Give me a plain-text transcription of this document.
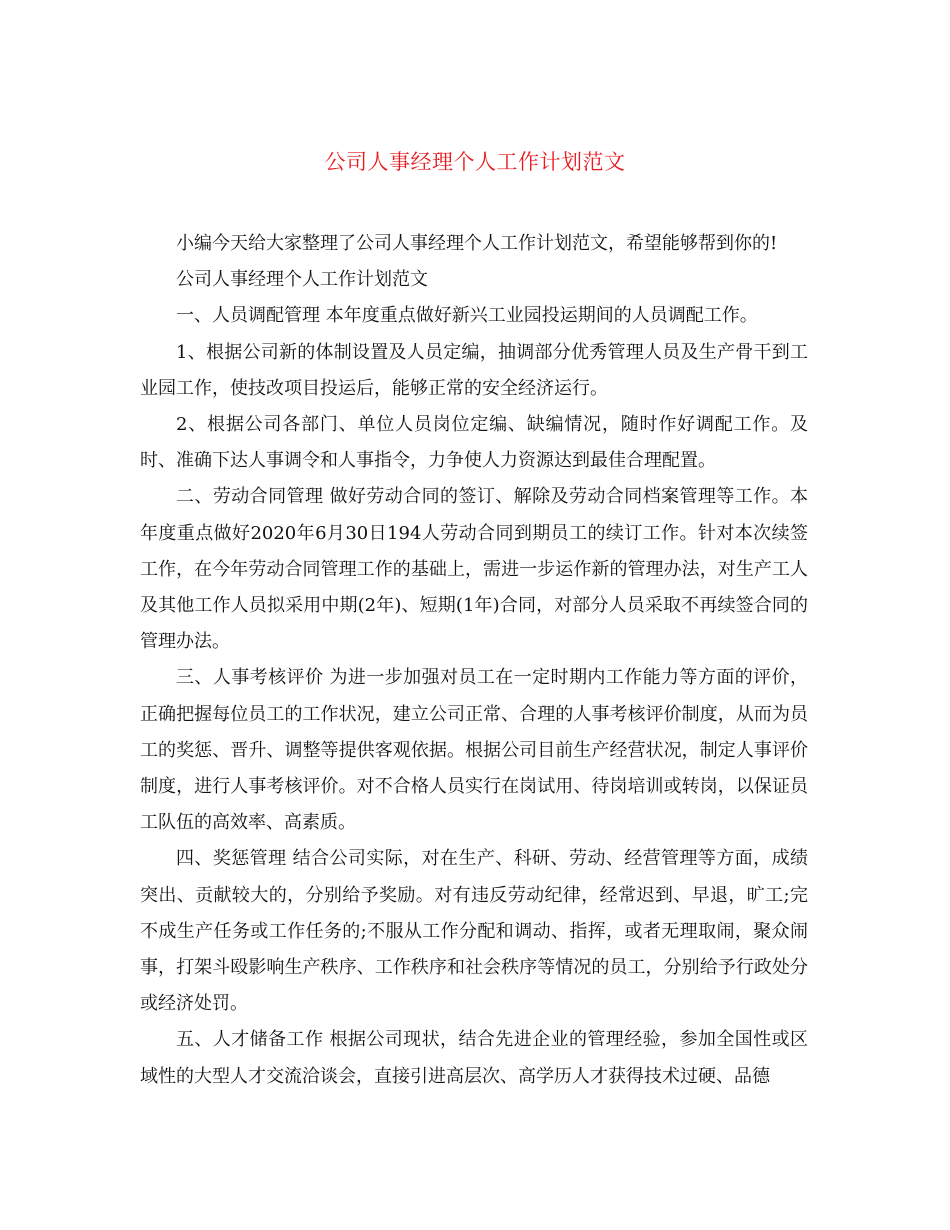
公司人事经理个人工作计划范文

小编今天给大家整理了公司人事经理个人工作计划范文，希望能够帮到你的!

公司人事经理个人工作计划范文

一、人员调配管理 本年度重点做好新兴工业园投运期间的人员调配工作。

1、根据公司新的体制设置及人员定编，抽调部分优秀管理人员及生产骨干到工业园工作，使技改项目投运后，能够正常的安全经济运行。

2、根据公司各部门、单位人员岗位定编、缺编情况，随时作好调配工作。及时、准确下达人事调令和人事指令，力争使人力资源达到最佳合理配置。

二、劳动合同管理 做好劳动合同的签订、解除及劳动合同档案管理等工作。本年度重点做好2020年6月30日194人劳动合同到期员工的续订工作。针对本次续签工作，在今年劳动合同管理工作的基础上，需进一步运作新的管理办法，对生产工人及其他工作人员拟采用中期(2年)、短期(1年)合同，对部分人员采取不再续签合同的管理办法。

三、人事考核评价 为进一步加强对员工在一定时期内工作能力等方面的评价，正确把握每位员工的工作状况，建立公司正常、合理的人事考核评价制度，从而为员工的奖惩、晋升、调整等提供客观依据。根据公司目前生产经营状况，制定人事评价制度，进行人事考核评价。对不合格人员实行在岗试用、待岗培训或转岗，以保证员工队伍的高效率、高素质。

四、奖惩管理 结合公司实际，对在生产、科研、劳动、经营管理等方面，成绩突出、贡献较大的，分别给予奖励。对有违反劳动纪律，经常迟到、早退，旷工;完不成生产任务或工作任务的;不服从工作分配和调动、指挥，或者无理取闹，聚众闹事，打架斗殴影响生产秩序、工作秩序和社会秩序等情况的员工，分别给予行政处分或经济处罚。

五、人才储备工作 根据公司现状，结合先进企业的管理经验，参加全国性或区域性的大型人才交流洽谈会，直接引进高层次、高学历人才获得技术过硬、品德
